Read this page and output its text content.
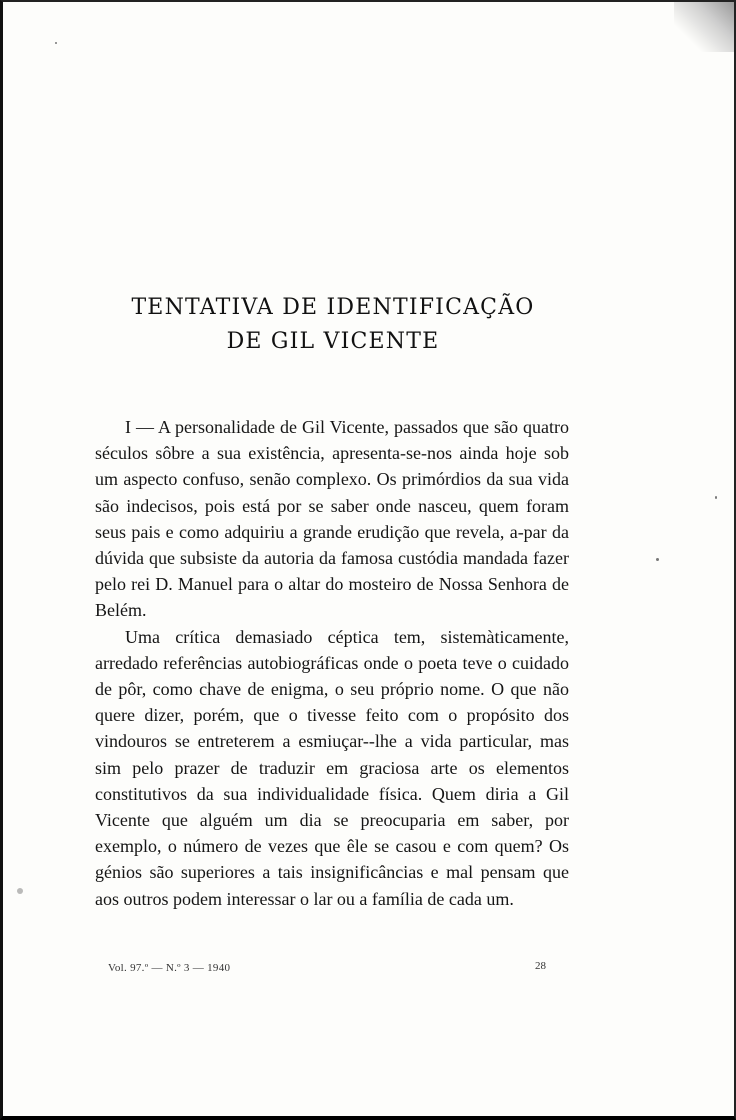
TENTATIVA DE IDENTIFICAÇÃO
DE GIL VICENTE

I — A personalidade de Gil Vicente, passados que são quatro séculos sôbre a sua existência, apresenta-se-nos ainda hoje sob um aspecto confuso, senão complexo. Os primórdios da sua vida são indecisos, pois está por se saber onde nasceu, quem foram seus pais e como adquiriu a grande erudição que revela, a-par da dúvida que subsiste da autoria da famosa custódia mandada fazer pelo rei D. Manuel para o altar do mosteiro de Nossa Senhora de Belém.

Uma crítica demasiado céptica tem, sistemàticamente, arredado referências autobiográficas onde o poeta teve o cuidado de pôr, como chave de enigma, o seu próprio nome. O que não quere dizer, porém, que o tivesse feito com o propósito dos vindouros se entreterem a esmiuçar--lhe a vida particular, mas sim pelo prazer de traduzir em graciosa arte os elementos constitutivos da sua individualidade física. Quem diria a Gil Vicente que alguém um dia se preocuparia em saber, por exemplo, o número de vezes que êle se casou e com quem? Os génios são superiores a tais insignificâncias e mal pensam que aos outros podem interessar o lar ou a família de cada um.

Vol. 97.º — N.º 3 — 1940	28
